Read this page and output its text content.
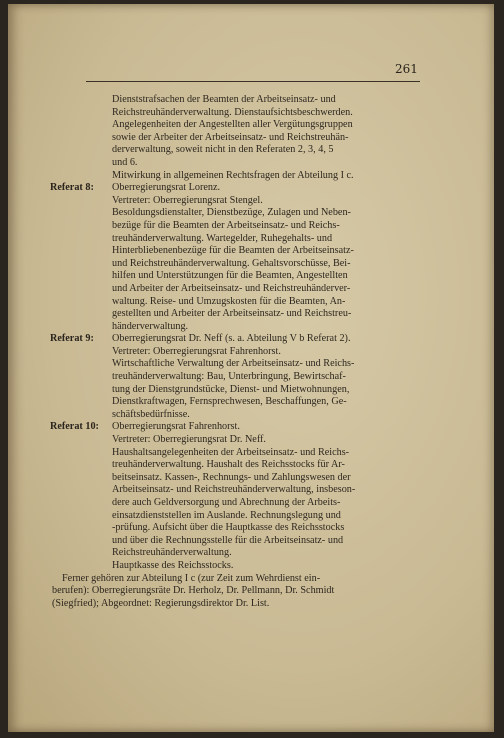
261
Dienststrafsachen der Beamten der Arbeitseinsatz- und
Reichstreuhänderverwaltung. Dienstaufsichtsbeschwerden.
Angelegenheiten der Angestellten aller Vergütungsgruppen
sowie der Arbeiter der Arbeitseinsatz- und Reichstreuhän-
derverwaltung, soweit nicht in den Referaten 2, 3, 4, 5
und 6.
Mitwirkung in allgemeinen Rechtsfragen der Abteilung I c.
Referat 8: Oberregierungsrat Lorenz.
Vertreter: Oberregierungsrat Stengel.
Besoldungsdienstalter, Dienstbezüge, Zulagen und Neben-
bezüge für die Beamten der Arbeitseinsatz- und Reichs-
treuhänderverwaltung. Wartegelder, Ruhegehalts- und
Hinterbliebenenbezüge für die Beamten der Arbeitseinsatz-
und Reichstreuhänderverwaltung. Gehaltsvorschüsse, Bei-
hilfen und Unterstützungen für die Beamten, Angestellten
und Arbeiter der Arbeitseinsatz- und Reichstreuhänderver-
waltung. Reise- und Umzugskosten für die Beamten, An-
gestellten und Arbeiter der Arbeitseinsatz- und Reichstreu-
händerverwaltung.
Referat 9: Oberregierungsrat Dr. Neff (s. a. Abteilung V b Referat 2).
Vertreter: Oberregierungsrat Fahrenhorst.
Wirtschaftliche Verwaltung der Arbeitseinsatz- und Reichs-
treuhänderverwaltung: Bau, Unterbringung, Bewirtschaf-
tung der Dienstgrundstücke, Dienst- und Mietwohnungen,
Dienstkraftwagen, Fernsprechwesen, Beschaffungen, Ge-
schäftsbedürfnisse.
Referat 10: Oberregierungsrat Fahrenhorst.
Vertreter: Oberregierungsrat Dr. Neff.
Haushaltsangelegenheiten der Arbeitseinsatz- und Reichs-
treuhänderverwaltung. Haushalt des Reichsstocks für Ar-
beitseinsatz. Kassen-, Rechnungs- und Zahlungswesen der
Arbeitseinsatz- und Reichstreuhänderverwaltung, insbeson-
dere auch Geldversorgung und Abrechnung der Arbeits-
einsatzdienststellen im Auslande. Rechnungslegung und
-prüfung. Aufsicht über die Hauptkasse des Reichsstocks
und über die Rechnungsstelle für die Arbeitseinsatz- und
Reichstreuhänderverwaltung.
Hauptkasse des Reichsstocks.
Ferner gehören zur Abteilung I c (zur Zeit zum Wehrdienst ein-
berufen): Oberregierungsräte Dr. Herholz, Dr. Pellmann, Dr. Schmidt
(Siegfried); Abgeordnet: Regierungsdirektor Dr. List.
